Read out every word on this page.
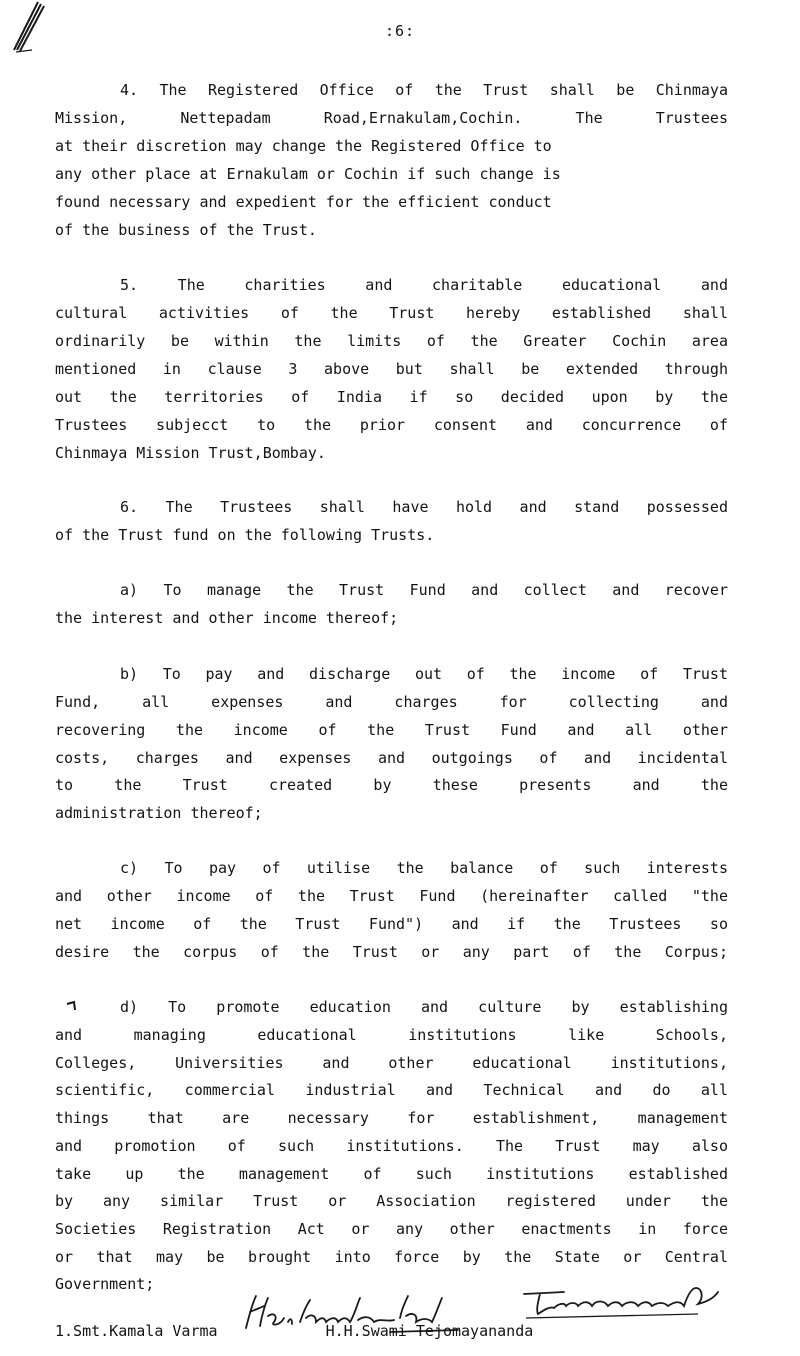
:6:
4. The Registered Office of the Trust shall be Chinmaya
Mission, Nettepadam Road,Ernakulam,Cochin. The Trustees
at their discretion may change the Registered Office to
any other place at Ernakulam or Cochin if such change is
found necessary and expedient for the efficient conduct
of the business of the Trust.
5. The charities and charitable educational and
cultural activities of the Trust hereby established shall
ordinarily be within the limits of the Greater Cochin area
mentioned in clause 3 above but shall be extended through
out the territories of India if so decided upon by the
Trustees subjecct to the prior consent and concurrence of
Chinmaya Mission Trust,Bombay.
6. The Trustees shall have hold and stand possessed
of the Trust fund on the following Trusts.
a) To manage the Trust Fund and collect and recover
the interest and other income thereof;
b) To pay and discharge out of the income of Trust
Fund, all expenses and charges for collecting and
recovering the income of the Trust Fund and all other
costs, charges and expenses and outgoings of and incidental
to the Trust created by these presents and the
administration thereof;
c) To pay of utilise the balance of such interests
and other income of the Trust Fund (hereinafter called "the
net income of the Trust Fund") and if the Trustees so
desire the corpus of the Trust or any part of the Corpus;
d) To promote education and culture by establishing
and managing educational institutions like Schools,
Colleges, Universities and other educational institutions,
scientific, commercial industrial and Technical and do all
things that are necessary for establishment, management
and promotion of such institutions. The Trust may also
take up the management of such institutions established
by any similar Trust or Association registered under the
Societies Registration Act or any other enactments in force
or that may be brought into force by the State or Central
Government;
1.Smt.Kamala Varma	H.H.Swami Tejomayananda
